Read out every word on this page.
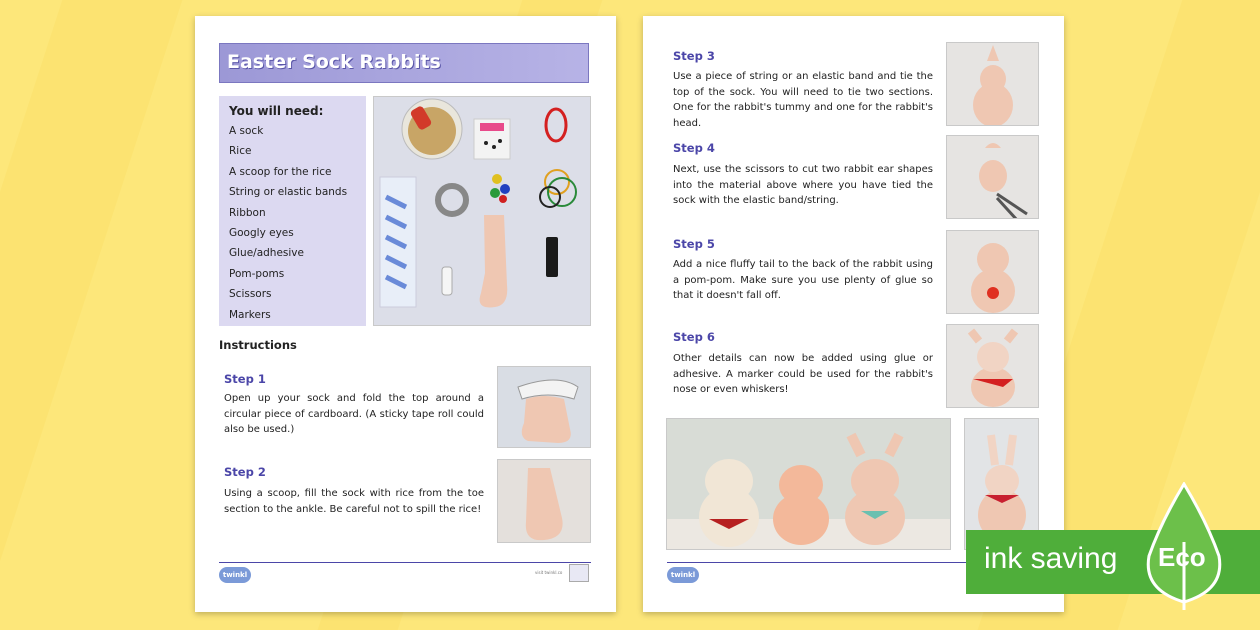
Easter Sock Rabbits
You will need:
A sock
Rice
A scoop for the rice
String or elastic bands
Ribbon
Googly eyes
Glue/adhesive
Pom-poms
Scissors
Markers
Instructions
Step 1
Open up your sock and fold the top around a circular piece of cardboard. (A sticky tape roll could also be used.)
Step 2
Using a scoop, fill the sock with rice from the toe section to the ankle. Be careful not to spill the rice!
twinkl	visit twinkl.co
Step 3
Use a piece of string or an elastic band and tie the top of the sock. You will need to tie two sections. One for the rabbit's tummy and one for the rabbit's head.
Step 4
Next, use the scissors to cut two rabbit ear shapes into the material above where you have tied the sock with the elastic band/string.
Step 5
Add a nice fluffy tail to the back of the rabbit using a pom-pom. Make sure you use plenty of glue so that it doesn't fall off.
Step 6
Other details can now be added using glue or adhesive. A marker could be used for the rabbit's nose or even whiskers!
twinkl	ink saving Eco
